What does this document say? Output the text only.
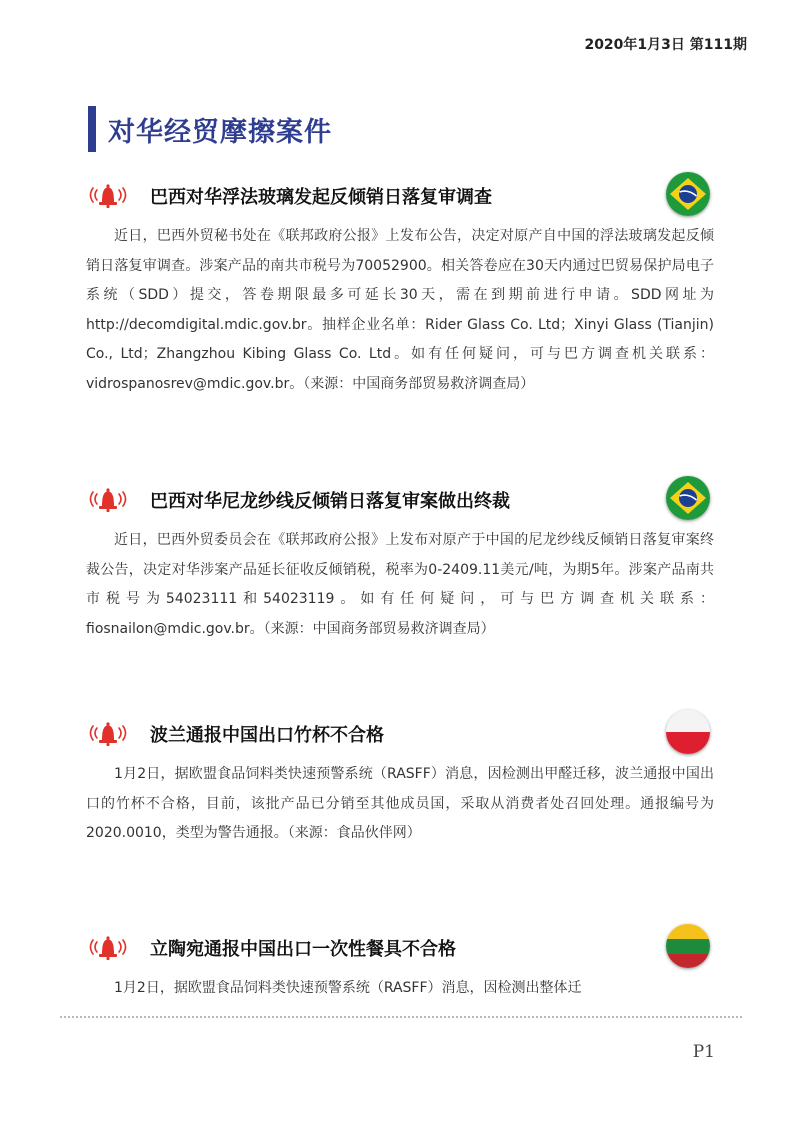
2020年1月3日 第111期
对华经贸摩擦案件
巴西对华浮法玻璃发起反倾销日落复审调查
近日，巴西外贸秘书处在《联邦政府公报》上发布公告，决定对原产自中国的浮法玻璃发起反倾销日落复审调查。涉案产品的南共市税号为70052900。相关答卷应在30天内通过巴贸易保护局电子系统（SDD）提交，答卷期限最多可延长30天，需在到期前进行申请。SDD网址为http://decomdigital.mdic.gov.br。抽样企业名单：Rider Glass Co. Ltd；Xinyi Glass (Tianjin) Co., Ltd；Zhangzhou Kibing Glass Co. Ltd。如有任何疑问，可与巴方调查机关联系：vidrospanosrev@mdic.gov.br。（来源：中国商务部贸易救济调查局）
巴西对华尼龙纱线反倾销日落复审案做出终裁
近日，巴西外贸委员会在《联邦政府公报》上发布对原产于中国的尼龙纱线反倾销日落复审案终裁公告，决定对华涉案产品延长征收反倾销税，税率为0-2409.11美元/吨，为期5年。涉案产品南共市税号为54023111和54023119。如有任何疑问，可与巴方调查机关联系：fiosnailon@mdic.gov.br。（来源：中国商务部贸易救济调查局）
波兰通报中国出口竹杯不合格
1月2日，据欧盟食品饲料类快速预警系统（RASFF）消息，因检测出甲醛迁移，波兰通报中国出口的竹杯不合格，目前，该批产品已分销至其他成员国，采取从消费者处召回处理。通报编号为2020.0010，类型为警告通报。（来源：食品伙伴网）
立陶宛通报中国出口一次性餐具不合格
1月2日，据欧盟食品饲料类快速预警系统（RASFF）消息，因检测出整体迁
P1
